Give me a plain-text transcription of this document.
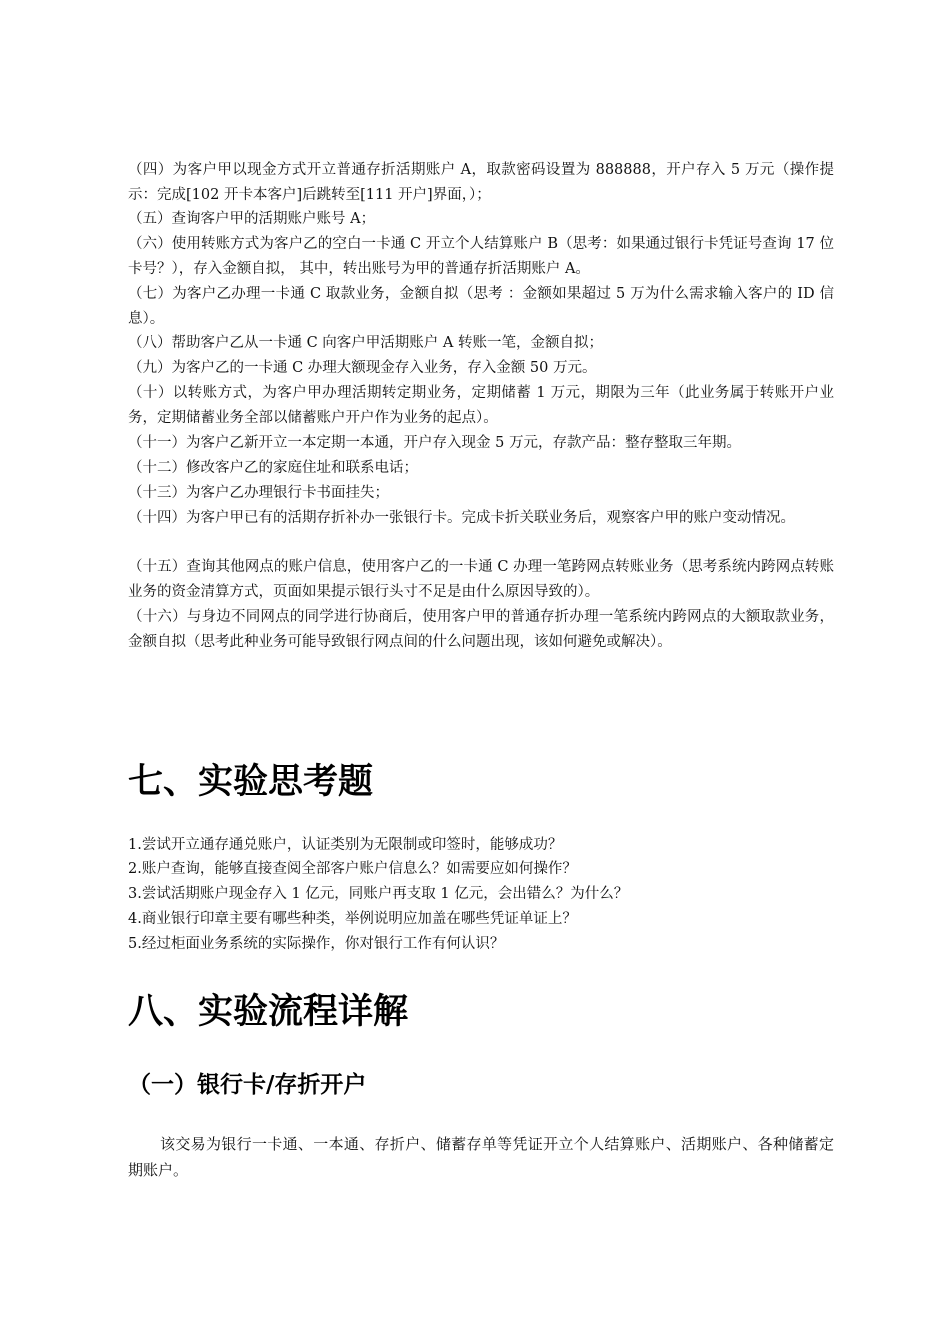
（四）为客户甲以现金方式开立普通存折活期账户 A，取款密码设置为 888888，开户存入 5 万元（操作提示：完成[102 开卡本客户]后跳转至[111 开户]界面，）；

（五）查询客户甲的活期账户账号 A；

（六）使用转账方式为客户乙的空白一卡通 C 开立个人结算账户 B（思考：如果通过银行卡凭证号查询 17 位卡号？），存入金额自拟， 其中，转出账号为甲的普通存折活期账户 A。

（七）为客户乙办理一卡通 C 取款业务，金额自拟（思考 ：金额如果超过 5 万为什么需求输入客户的 ID 信息）。

（八）帮助客户乙从一卡通 C 向客户甲活期账户 A 转账一笔，金额自拟；

（九）为客户乙的一卡通 C 办理大额现金存入业务，存入金额 50 万元。

（十）以转账方式，为客户甲办理活期转定期业务，定期储蓄 1 万元，期限为三年（此业务属于转账开户业务，定期储蓄业务全部以储蓄账户开户作为业务的起点）。

（十一）为客户乙新开立一本定期一本通，开户存入现金 5 万元，存款产品：整存整取三年期。

（十二）修改客户乙的家庭住址和联系电话；

（十三）为客户乙办理银行卡书面挂失；

（十四）为客户甲已有的活期存折补办一张银行卡。完成卡折关联业务后，观察客户甲的账户变动情况。

（十五）查询其他网点的账户信息，使用客户乙的一卡通 C 办理一笔跨网点转账业务（思考系统内跨网点转账业务的资金清算方式，页面如果提示银行头寸不足是由什么原因导致的）。

（十六）与身边不同网点的同学进行协商后，使用客户甲的普通存折办理一笔系统内跨网点的大额取款业务，金额自拟（思考此种业务可能导致银行网点间的什么问题出现，该如何避免或解决）。

七、实验思考题

1.尝试开立通存通兑账户，认证类别为无限制或印签时，能够成功？

2.账户查询，能够直接查阅全部客户账户信息么？如需要应如何操作？

3.尝试活期账户现金存入 1 亿元，同账户再支取 1 亿元，会出错么？为什么？

4.商业银行印章主要有哪些种类，举例说明应加盖在哪些凭证单证上？

5.经过柜面业务系统的实际操作，你对银行工作有何认识？

八、实验流程详解
（一）银行卡/存折开户

该交易为银行一卡通、一本通、存折户、储蓄存单等凭证开立个人结算账户、活期账户、各种储蓄定期账户。
